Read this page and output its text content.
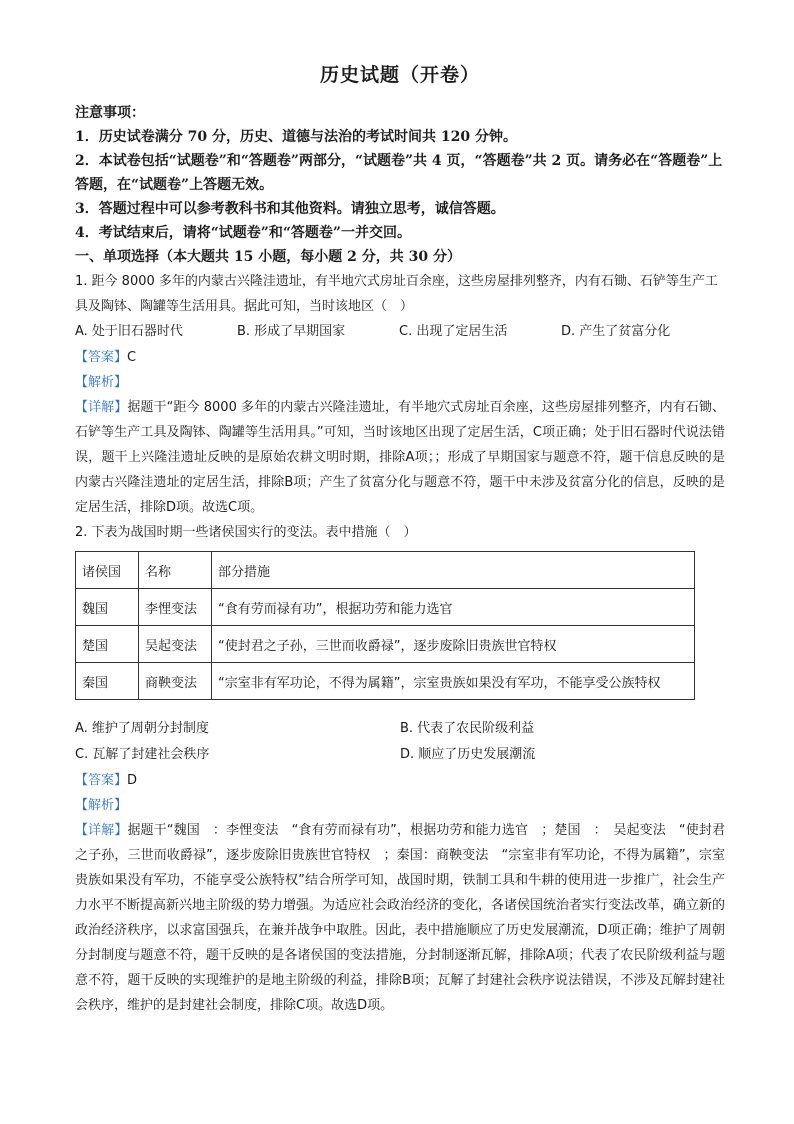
历史试题（开卷）
注意事项：

1．历史试卷满分 70 分，历史、道德与法治的考试时间共 120 分钟。

2．本试卷包括“试题卷”和“答题卷”两部分，“试题卷”共 4 页，“答题卷”共 2 页。请务必在“答题卷”上答题，在“试题卷”上答题无效。

3．答题过程中可以参考教科书和其他资料。请独立思考，诚信答题。

4．考试结束后，请将“试题卷”和“答题卷”一并交回。

一、单项选择（本大题共 15 小题，每小题 2 分，共 30 分）

1. 距今 8000 多年的内蒙古兴隆洼遗址，有半地穴式房址百余座，这些房屋排列整齐，内有石锄、石铲等生产工具及陶钵、陶罐等生活用具。据此可知，当时该地区（　）

A. 处于旧石器时代	B. 形成了早期国家	C. 出现了定居生活	D. 产生了贫富分化
【答案】C
【解析】

【详解】据题干“距今 8000 多年的内蒙古兴隆洼遗址，有半地穴式房址百余座，这些房屋排列整齐，内有石锄、石铲等生产工具及陶钵、陶罐等生活用具。”可知，当时该地区出现了定居生活，C项正确；处于旧石器时代说法错误，题干上兴隆洼遗址反映的是原始农耕文明时期，排除A项；；形成了早期国家与题意不符，题干信息反映的是内蒙古兴隆洼遗址的定居生活，排除B项；产生了贫富分化与题意不符，题干中未涉及贫富分化的信息，反映的是定居生活，排除D项。故选C项。

2. 下表为战国时期一些诸侯国实行的变法。表中措施（　）

诸侯国	名称	部分措施
魏国	李悝变法	“食有劳而禄有功”，根据功劳和能力选官
楚国	吴起变法	“使封君之子孙，三世而收爵禄”，逐步废除旧贵族世官特权
秦国	商鞅变法	“宗室非有军功论，不得为属籍”，宗室贵族如果没有军功，不能享受公族特权
A. 维护了周朝分封制度	B. 代表了农民阶级利益
C. 瓦解了封建社会秩序	D. 顺应了历史发展潮流
【答案】D
【解析】

【详解】据题干“魏国　：李悝变法　“食有劳而禄有功”，根据功劳和能力选官　；楚国　：　吴起变法　“使封君之子孙，三世而收爵禄”，逐步废除旧贵族世官特权　；秦国：商鞅变法　“宗室非有军功论，不得为属籍”，宗室贵族如果没有军功，不能享受公族特权”结合所学可知，战国时期，铁制工具和牛耕的使用进一步推广，社会生产力水平不断提高新兴地主阶级的势力增强。为适应社会政治经济的变化，各诸侯国统治者实行变法改革，确立新的政治经济秩序，以求富国强兵，在兼并战争中取胜。因此，表中措施顺应了历史发展潮流，D项正确；维护了周朝分封制度与题意不符，题干反映的是各诸侯国的变法措施，分封制逐渐瓦解，排除A项；代表了农民阶级利益与题意不符，题干反映的实现维护的是地主阶级的利益，排除B项；瓦解了封建社会秩序说法错误，不涉及瓦解封建社会秩序，维护的是封建社会制度，排除C项。故选D项。
